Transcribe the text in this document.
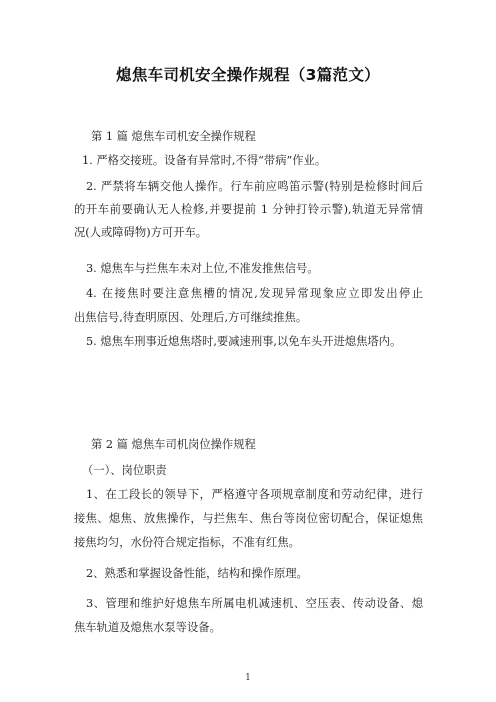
熄焦车司机安全操作规程（3篇范文）
第 1 篇 熄焦车司机安全操作规程
1. 严格交接班。设备有异常时,不得“带病”作业。
2. 严禁将车辆交他人操作。行车前应鸣笛示警(特别是检修时间后
的开车前要确认无人检修,并要提前 1 分钟打铃示警),轨道无异常情
况(人或障碍物)方可开车。
3. 熄焦车与拦焦车未对上位,不准发推焦信号。
4. 在接焦时要注意焦槽的情况,发现异常现象应立即发出停止
出焦信号,待查明原因、处理后,方可继续推焦。
5. 熄焦车刑事近熄焦塔时,要减速刑事,以免车头开进熄焦塔内。
第 2 篇 熄焦车司机岗位操作规程
（一）、岗位职责
1、在工段长的领导下，严格遵守各项规章制度和劳动纪律，进行
接焦、熄焦、放焦操作，与拦焦车、焦台等岗位密切配合，保证熄焦
接焦均匀，水份符合规定指标，不准有红焦。
2、熟悉和掌握设备性能，结构和操作原理。
3、管理和维护好熄焦车所属电机减速机、空压表、传动设备、熄
焦车轨道及熄焦水泵等设备。
1
